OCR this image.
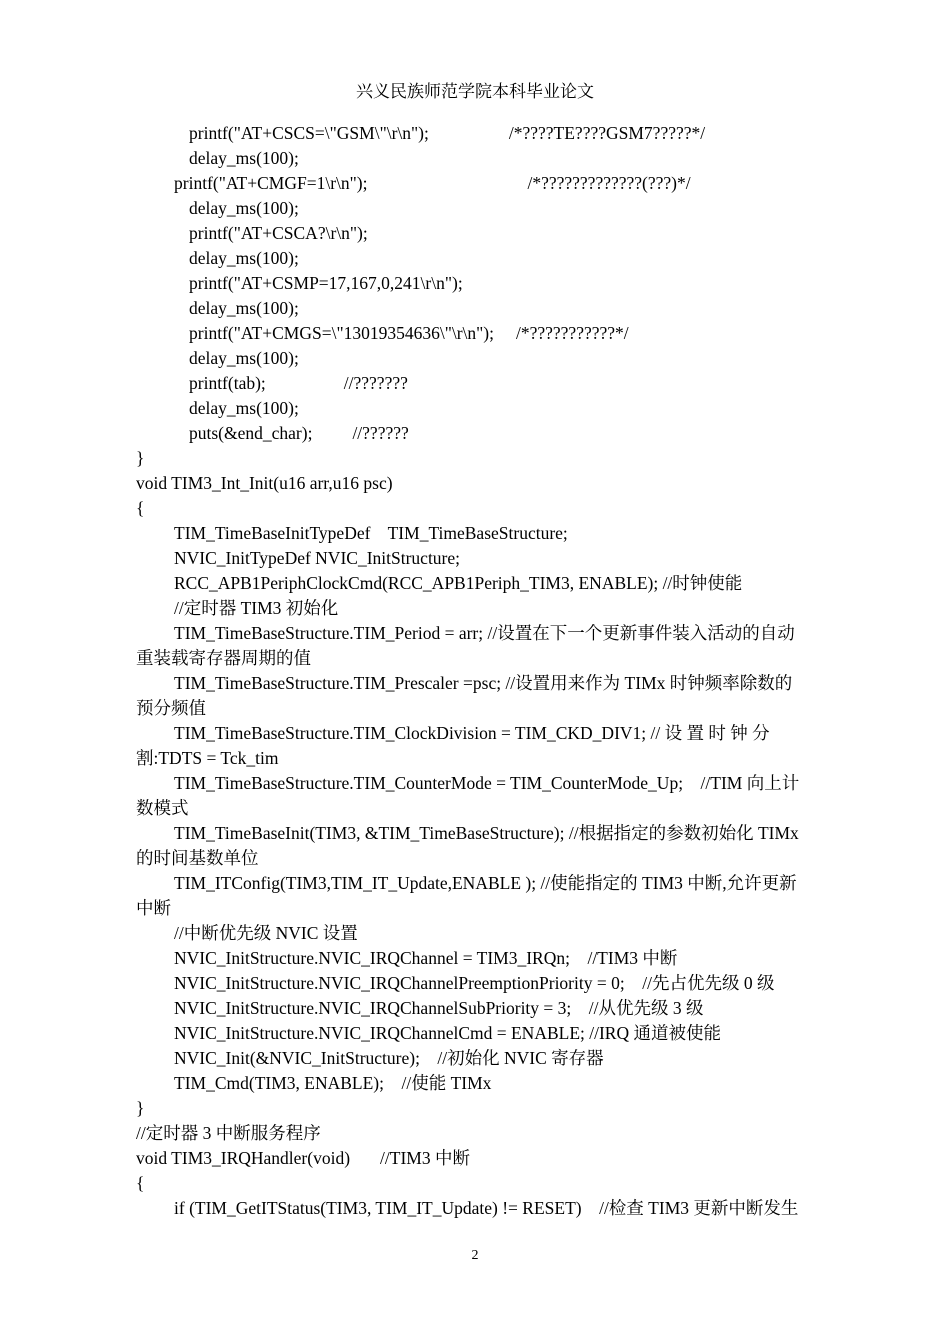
兴义民族师范学院本科毕业论文
printf("AT+CSCS=\"GSM\"\r\n");	/*????TE????GSM7?????*/
delay_ms(100);
printf("AT+CMGF=1\r\n");	/*?????????????(???)*/
delay_ms(100);
printf("AT+CSCA?\r\n");
delay_ms(100);
printf("AT+CSMP=17,167,0,241\r\n");
delay_ms(100);
printf("AT+CMGS=\"13019354636\"\r\n"); /*???????????*/
delay_ms(100);
printf(tab);	//???????
delay_ms(100);
puts(&end_char); //??????
}
void TIM3_Int_Init(u16 arr,u16 psc)
{
TIM_TimeBaseInitTypeDef    TIM_TimeBaseStructure;
NVIC_InitTypeDef NVIC_InitStructure;
RCC_APB1PeriphClockCmd(RCC_APB1Periph_TIM3, ENABLE); //时钟使能
//定时器 TIM3 初始化
TIM_TimeBaseStructure.TIM_Period = arr; //设置在下一个更新事件装入活动的自动
重装载寄存器周期的值
TIM_TimeBaseStructure.TIM_Prescaler =psc; //设置用来作为 TIMx 时钟频率除数的
预分频值
TIM_TimeBaseStructure.TIM_ClockDivision = TIM_CKD_DIV1; // 设 置 时 钟 分
割:TDTS = Tck_tim
TIM_TimeBaseStructure.TIM_CounterMode = TIM_CounterMode_Up;    //TIM 向上计
数模式
TIM_TimeBaseInit(TIM3, &TIM_TimeBaseStructure); //根据指定的参数初始化 TIMx
的时间基数单位
TIM_ITConfig(TIM3,TIM_IT_Update,ENABLE ); //使能指定的 TIM3 中断,允许更新
中断
//中断优先级 NVIC 设置
NVIC_InitStructure.NVIC_IRQChannel = TIM3_IRQn;    //TIM3 中断
NVIC_InitStructure.NVIC_IRQChannelPreemptionPriority = 0;    //先占优先级 0 级
NVIC_InitStructure.NVIC_IRQChannelSubPriority = 3;    //从优先级 3 级
NVIC_InitStructure.NVIC_IRQChannelCmd = ENABLE; //IRQ 通道被使能
NVIC_Init(&NVIC_InitStructure);    //初始化 NVIC 寄存器
TIM_Cmd(TIM3, ENABLE);    //使能 TIMx
}
//定时器 3 中断服务程序
void TIM3_IRQHandler(void) //TIM3 中断
{
if (TIM_GetITStatus(TIM3, TIM_IT_Update) != RESET)    //检查 TIM3 更新中断发生
2
